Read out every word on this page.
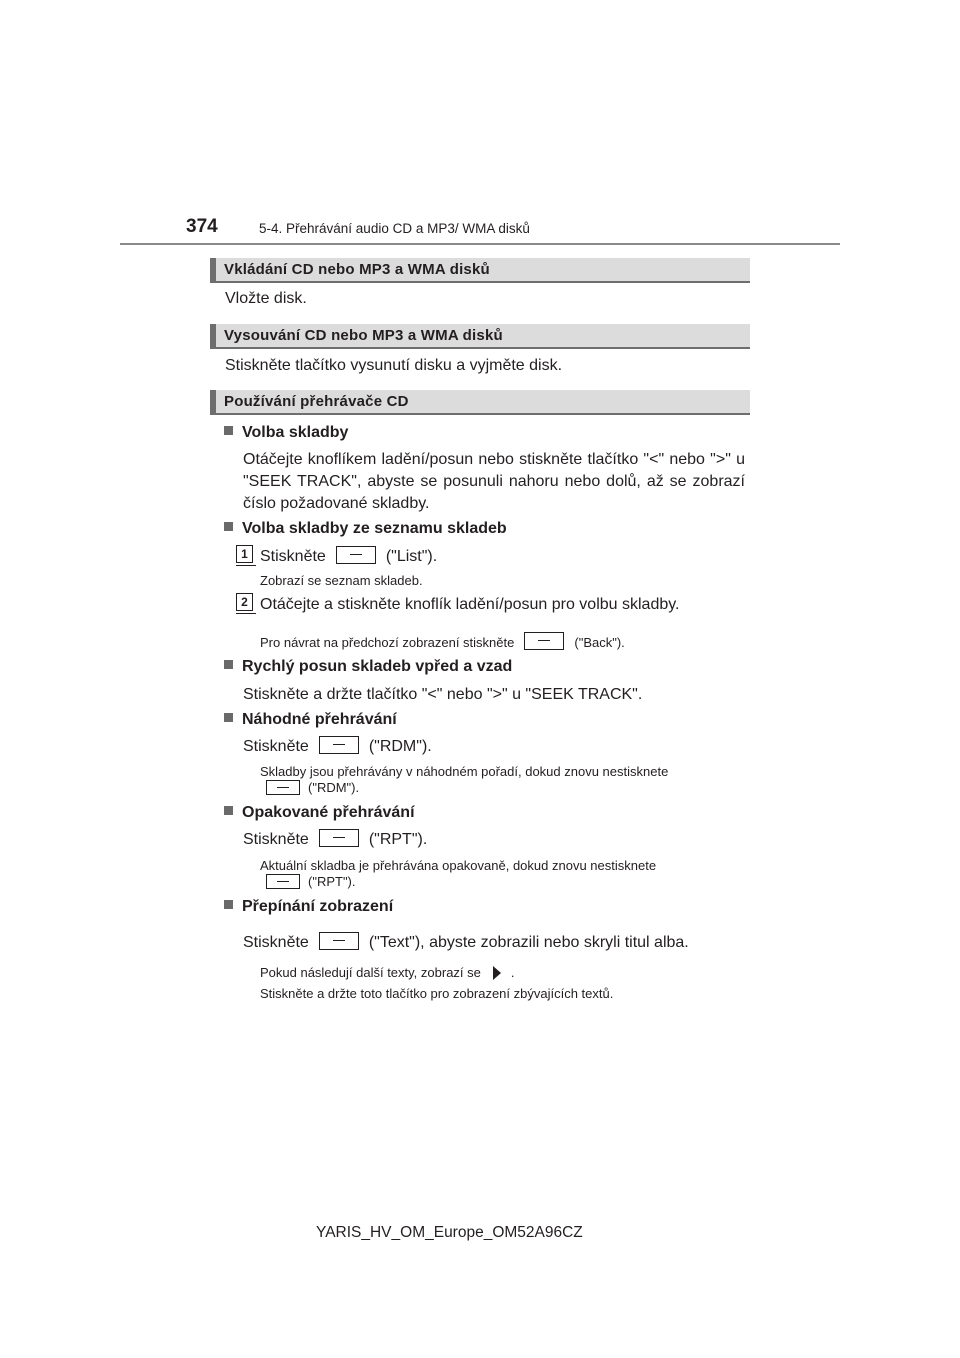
374	5-4. Přehrávání audio CD a MP3/ WMA disků
Vkládání CD nebo MP3 a WMA disků
Vložte disk.
Vysouvání CD nebo MP3 a WMA disků
Stiskněte tlačítko vysunutí disku a vyjměte disk.
Používání přehrávače CD
Volba skladby
Otáčejte knoflíkem ladění/posun nebo stiskněte tlačítko "<" nebo ">" u "SEEK TRACK", abyste se posunuli nahoru nebo dolů, až se zobrazí číslo požadované skladby.
Volba skladby ze seznamu skladeb
1 Stiskněte	("List").
Zobrazí se seznam skladeb.
2 Otáčejte a stiskněte knoflík ladění/posun pro volbu skladby.
Pro návrat na předchozí zobrazení stiskněte	("Back").
Rychlý posun skladeb vpřed a vzad
Stiskněte a držte tlačítko "<" nebo ">" u "SEEK TRACK".
Náhodné přehrávání
Stiskněte	("RDM").
Skladby jsou přehrávány v náhodném pořadí, dokud znovu nestisknete
("RDM").
Opakované přehrávání
Stiskněte	("RPT").
Aktuální skladba je přehrávána opakovaně, dokud znovu nestisknete
("RPT").
Přepínání zobrazení
Stiskněte	("Text"), abyste zobrazili nebo skryli titul alba.
Pokud následují další texty, zobrazí se .
Stiskněte a držte toto tlačítko pro zobrazení zbývajících textů.
YARIS_HV_OM_Europe_OM52A96CZ
